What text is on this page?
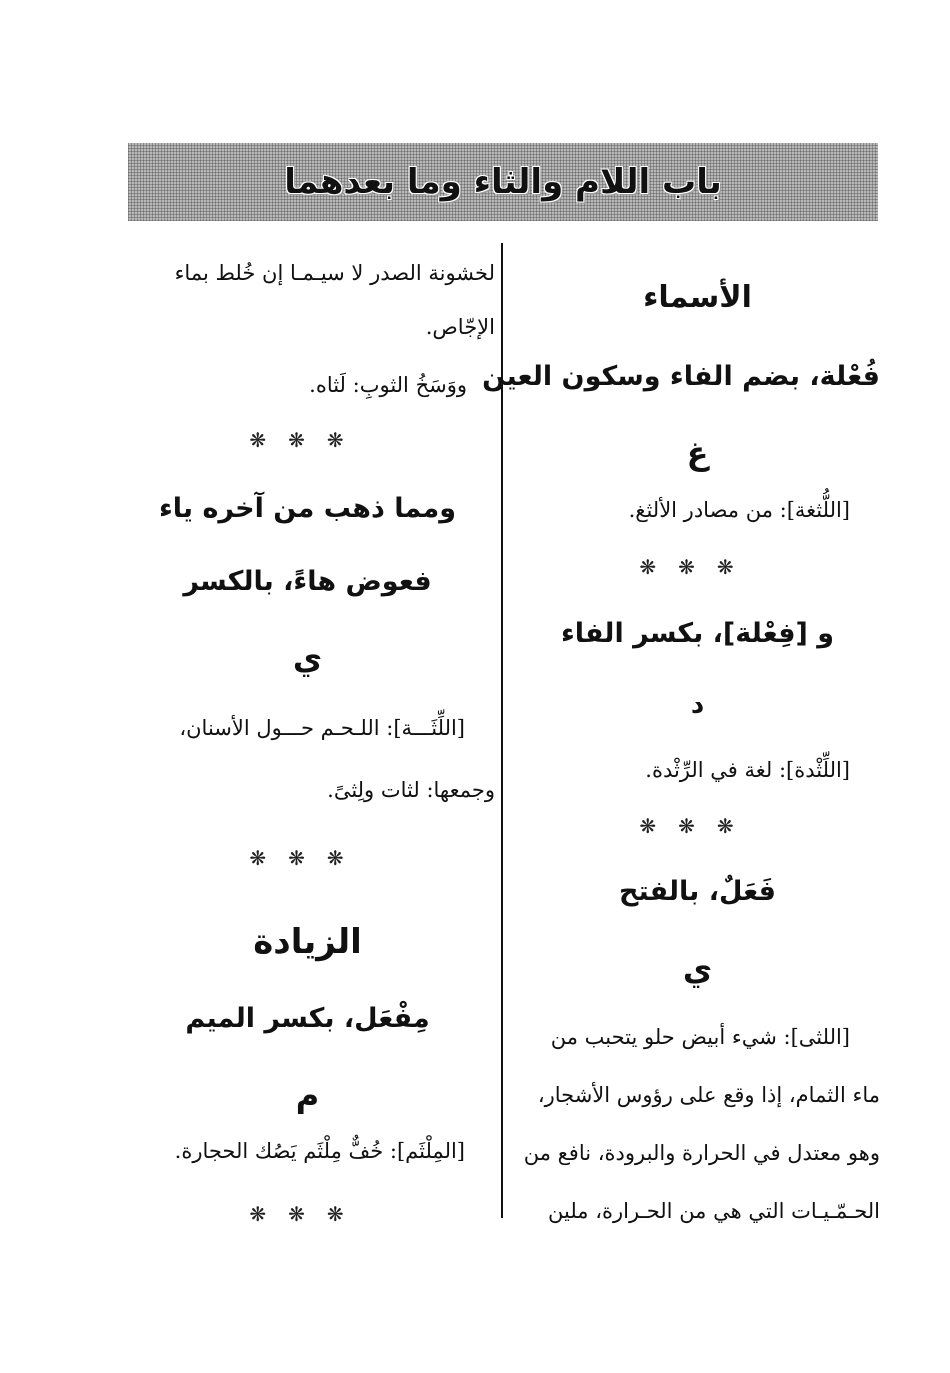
باب اللام والثاء وما بعدهما
الأسماء
فُعْلة، بضم الفاء وسكون العين
غ
[اللُّثغة]: من مصادر الألثغ.
❋❋❋
و [فِعْلة]، بكسر الفاء
د
[اللِّثْدة]: لغة في الرِّثْدة.
❋❋❋
فَعَلٌ، بالفتح
ي
[اللثى]: شيء أبيض حلو يتحبب من
ماء الثمام، إذا وقع على رؤوس الأشجار،
وهو معتدل في الحرارة والبرودة، نافع من
الحـمّـيـات التي هي من الحـرارة، ملين
لخشونة الصدر لا سيـمـا إن خُلط بماء
الإجّاص.
ووَسَخُ الثوبِ: لَثاه.
❋❋❋
ومما ذهب من آخره ياء
فعوض هاءً، بالكسر
ي
[اللِّثَـــة]: اللـحـم حـــول الأسنان،
وجمعها: لثات ولِثىً.
❋❋❋
الزيادة
مِفْعَل، بكسر الميم
م
[المِلْثَم]: خُفٌّ مِلْثَم يَصُك الحجارة.
❋❋❋
